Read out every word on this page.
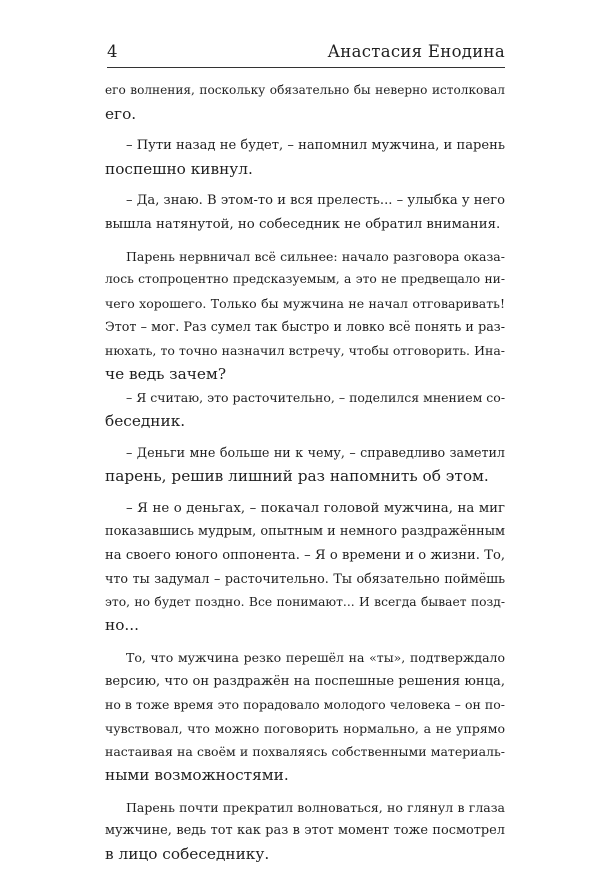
4	Анастасия Енодина

его волнения, поскольку обязательно бы неверно истолковал
его.

– Пути назад не будет, – напомнил мужчина, и парень
поспешно кивнул.

– Да, знаю. В этом-то и вся прелесть... – улыбка у него
вышла натянутой, но собеседник не обратил внимания.

Парень нервничал всё сильнее: начало разговора оказа-
лось стопроцентно предсказуемым, а это не предвещало ни-
чего хорошего. Только бы мужчина не начал отговаривать!
Этот – мог. Раз сумел так быстро и ловко всё понять и раз-
нюхать, то точно назначил встречу, чтобы отговорить. Ина-
че ведь зачем?
– Я считаю, это расточительно, – поделился мнением со-
беседник.

– Деньги мне больше ни к чему, – справедливо заметил
парень, решив лишний раз напомнить об этом.

– Я не о деньгах, – покачал головой мужчина, на миг
показавшись мудрым, опытным и немного раздражённым
на своего юного оппонента. – Я о времени и о жизни. То,
что ты задумал – расточительно. Ты обязательно поймёшь
это, но будет поздно. Все понимают... И всегда бывает позд-
но...

То, что мужчина резко перешёл на «ты», подтверждало
версию, что он раздражён на поспешные решения юнца,
но в тоже время это порадовало молодого человека – он по-
чувствовал, что можно поговорить нормально, а не упрямо
настаивая на своём и похваляясь собственными материаль-
ными возможностями.

Парень почти прекратил волноваться, но глянул в глаза
мужчине, ведь тот как раз в этот момент тоже посмотрел
в лицо собеседнику.
